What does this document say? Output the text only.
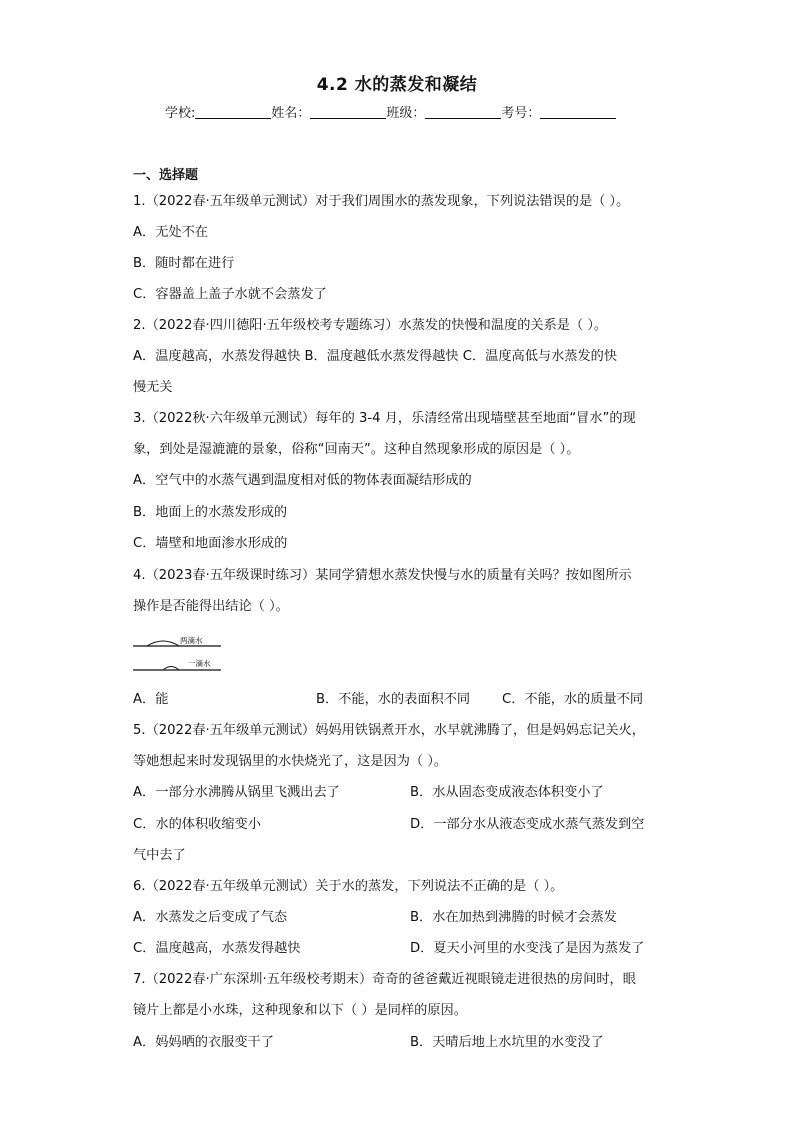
4.2 水的蒸发和凝结
学校:	姓名：	班级：	考号：
一、选择题
1.（2022春·五年级单元测试）对于我们周围水的蒸发现象，下列说法错误的是（ ）。
A．无处不在
B．随时都在进行
C．容器盖上盖子水就不会蒸发了
2.（2022春·四川德阳·五年级校考专题练习）水蒸发的快慢和温度的关系是（ ）。
A．温度越高，水蒸发得越快 B．温度越低水蒸发得越快 C．温度高低与水蒸发的快
慢无关
3.（2022秋·六年级单元测试）每年的 3-4 月，乐清经常出现墙壁甚至地面“冒水”的现
象，到处是湿漉漉的景象，俗称“回南天”。这种自然现象形成的原因是（ ）。
A．空气中的水蒸气遇到温度相对低的物体表面凝结形成的
B．地面上的水蒸发形成的
C．墙壁和地面渗水形成的
4.（2023春·五年级课时练习）某同学猜想水蒸发快慢与水的质量有关吗？按如图所示
操作是否能得出结论（ ）。
两滴水
一滴水
A．能	B．不能，水的表面积不同 C．不能，水的质量不同
5.（2022春·五年级单元测试）妈妈用铁锅煮开水，水早就沸腾了，但是妈妈忘记关火，
等她想起来时发现锅里的水快烧光了，这是因为（ ）。
A．一部分水沸腾从锅里飞溅出去了	B．水从固态变成液态体积变小了
C．水的体积收缩变小	D．一部分水从液态变成水蒸气蒸发到空
气中去了
6.（2022春·五年级单元测试）关于水的蒸发，下列说法不正确的是（ ）。
A．水蒸发之后变成了气态	B．水在加热到沸腾的时候才会蒸发
C．温度越高，水蒸发得越快	D．夏天小河里的水变浅了是因为蒸发了
7.（2022春·广东深圳·五年级校考期末）奇奇的爸爸戴近视眼镜走进很热的房间时，眼
镜片上都是小水珠，这种现象和以下（ ）是同样的原因。
A．妈妈晒的衣服变干了	B．天晴后地上水坑里的水变没了
